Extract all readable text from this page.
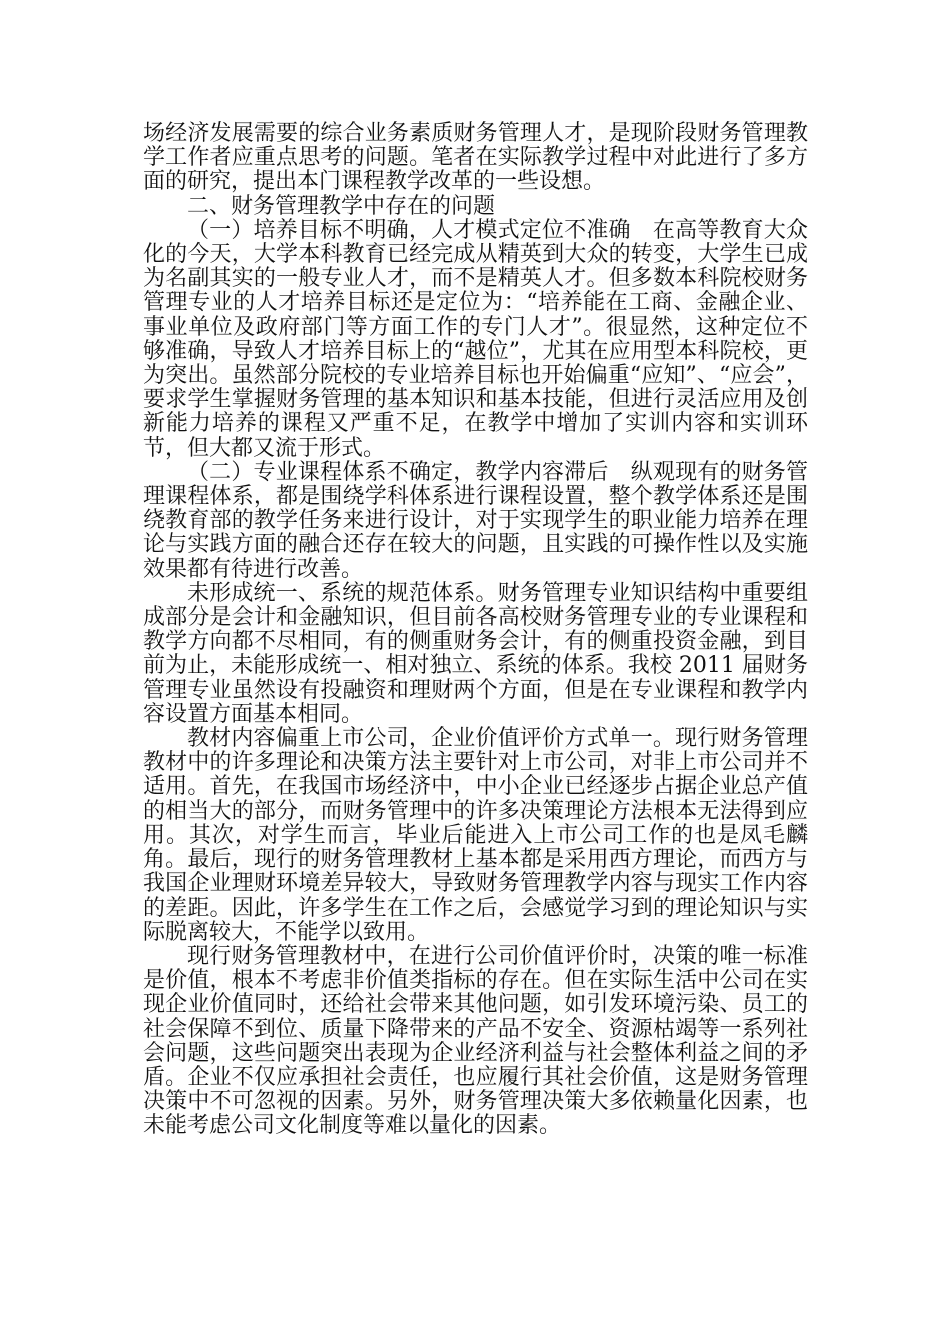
场经济发展需要的综合业务素质财务管理人才，是现阶段财务管理教学工作者应重点思考的问题。笔者在实际教学过程中对此进行了多方面的研究，提出本门课程教学改革的一些设想。

二、财务管理教学中存在的问题

（一）培养目标不明确，人才模式定位不准确　在高等教育大众化的今天，大学本科教育已经完成从精英到大众的转变，大学生已成为名副其实的一般专业人才，而不是精英人才。但多数本科院校财务管理专业的人才培养目标还是定位为：“培养能在工商、金融企业、事业单位及政府部门等方面工作的专门人才”。很显然，这种定位不够准确，导致人才培养目标上的“越位”，尤其在应用型本科院校，更为突出。虽然部分院校的专业培养目标也开始偏重“应知”、“应会”，要求学生掌握财务管理的基本知识和基本技能，但进行灵活应用及创新能力培养的课程又严重不足，在教学中增加了实训内容和实训环节，但大都又流于形式。

（二）专业课程体系不确定，教学内容滞后　纵观现有的财务管理课程体系，都是围绕学科体系进行课程设置，整个教学体系还是围绕教育部的教学任务来进行设计，对于实现学生的职业能力培养在理论与实践方面的融合还存在较大的问题，且实践的可操作性以及实施效果都有待进行改善。

未形成统一、系统的规范体系。财务管理专业知识结构中重要组成部分是会计和金融知识，但目前各高校财务管理专业的专业课程和教学方向都不尽相同，有的侧重财务会计，有的侧重投资金融，到目前为止，未能形成统一、相对独立、系统的体系。我校 2011 届财务管理专业虽然设有投融资和理财两个方面，但是在专业课程和教学内容设置方面基本相同。

教材内容偏重上市公司，企业价值评价方式单一。现行财务管理教材中的许多理论和决策方法主要针对上市公司，对非上市公司并不适用。首先，在我国市场经济中，中小企业已经逐步占据企业总产值的相当大的部分，而财务管理中的许多决策理论方法根本无法得到应用。其次，对学生而言，毕业后能进入上市公司工作的也是凤毛麟角。最后，现行的财务管理教材上基本都是采用西方理论，而西方与我国企业理财环境差异较大，导致财务管理教学内容与现实工作内容的差距。因此，许多学生在工作之后，会感觉学习到的理论知识与实际脱离较大，不能学以致用。

现行财务管理教材中，在进行公司价值评价时，决策的唯一标准是价值，根本不考虑非价值类指标的存在。但在实际生活中公司在实现企业价值同时，还给社会带来其他问题，如引发环境污染、员工的社会保障不到位、质量下降带来的产品不安全、资源枯竭等一系列社会问题，这些问题突出表现为企业经济利益与社会整体利益之间的矛盾。企业不仅应承担社会责任，也应履行其社会价值，这是财务管理决策中不可忽视的因素。另外，财务管理决策大多依赖量化因素，也未能考虑公司文化制度等难以量化的因素。
